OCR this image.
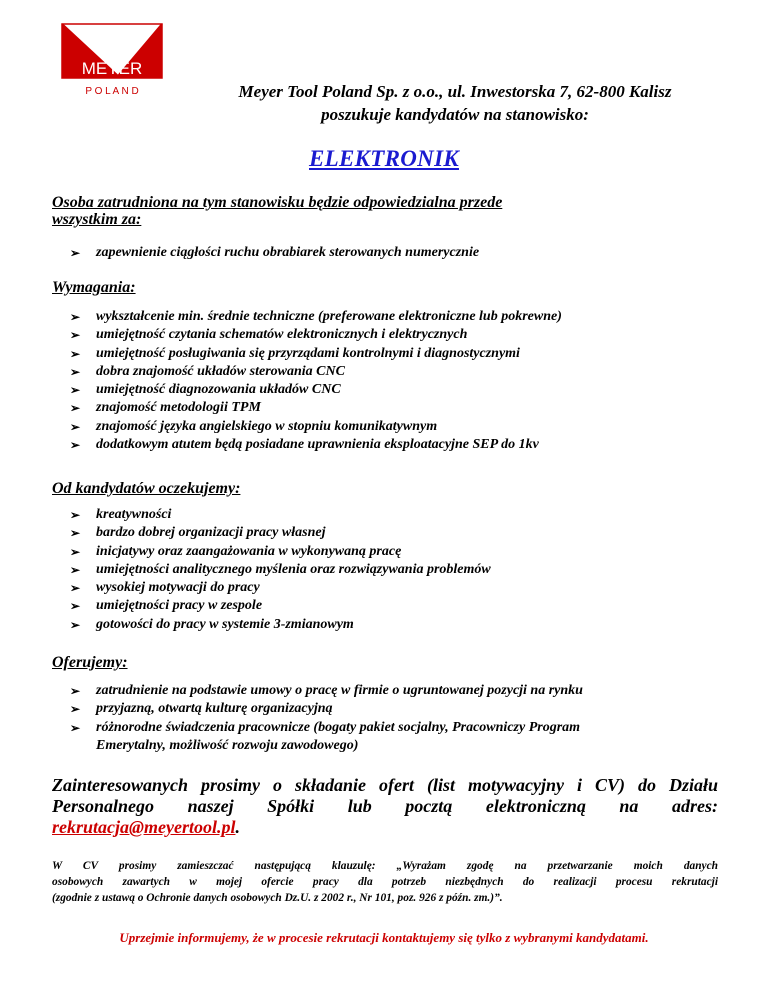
MEYER
P O L A N D	Meyer Tool Poland Sp. z o.o., ul. Inwestorska 7, 62-800 Kalisz
poszukuje kandydatów na stanowisko:
ELEKTRONIK
Osoba zatrudniona na tym stanowisku będzie odpowiedzialna przede
wszystkim za:
➢ zapewnienie ciągłości ruchu obrabiarek sterowanych numerycznie
Wymagania:
➢ wykształcenie min. średnie techniczne (preferowane elektroniczne lub pokrewne)
➢ umiejętność czytania schematów elektronicznych i elektrycznych
➢ umiejętność posługiwania się przyrządami kontrolnymi i diagnostycznymi
➢ dobra znajomość układów sterowania CNC
➢ umiejętność diagnozowania układów CNC
➢ znajomość metodologii TPM
➢ znajomość języka angielskiego w stopniu komunikatywnym
➢ dodatkowym atutem będą posiadane uprawnienia eksploatacyjne SEP do 1kv
Od kandydatów oczekujemy:
➢ kreatywności
➢ bardzo dobrej organizacji pracy własnej
➢ inicjatywy oraz zaangażowania w wykonywaną pracę
➢ umiejętności analitycznego myślenia oraz rozwiązywania problemów
➢ wysokiej motywacji do pracy
➢ umiejętności pracy w zespole
➢ gotowości do pracy w systemie 3-zmianowym
Oferujemy:
➢ zatrudnienie na podstawie umowy o pracę w firmie o ugruntowanej pozycji na rynku
➢ przyjazną, otwartą kulturę organizacyjną
➢ różnorodne świadczenia pracownicze (bogaty pakiet socjalny, Pracowniczy Program
Emerytalny, możliwość rozwoju zawodowego)
Zainteresowanych prosimy o składanie ofert (list motywacyjny i CV) do Działu
Personalnego naszej Spółki lub pocztą elektroniczną na adres:
rekrutacja@meyertool.pl.
W CV prosimy zamieszczać następującą klauzulę: „Wyrażam zgodę na przetwarzanie moich danych
osobowych zawartych w mojej ofercie pracy dla potrzeb niezbędnych do realizacji procesu rekrutacji
(zgodnie z ustawą o Ochronie danych osobowych Dz.U. z 2002 r., Nr 101, poz. 926 z późn. zm.)”.
Uprzejmie informujemy, że w procesie rekrutacji kontaktujemy się tylko z wybranymi kandydatami.
